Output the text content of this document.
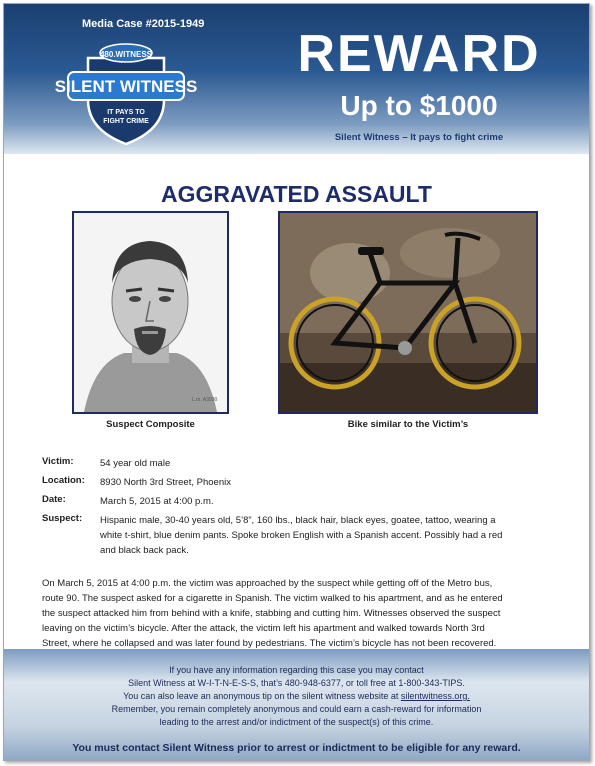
Media Case #2015-1949
480.WITNESS
SILENT WITNESS
IT PAYS TO
FIGHT CRIME
REWARD
Up to $1000
Silent Witness – It pays to fight crime
AGGRAVATED ASSAULT
L.m. A3930
Suspect Composite	Bike similar to the Victim’s
Victim:	54 year old male
Location: 8930 North 3rd Street, Phoenix
Date:	March 5, 2015 at 4:00 p.m.
Suspect: Hispanic male, 30-40 years old, 5’8”, 160 lbs., black hair, black eyes, goatee, tattoo, wearing a
white t-shirt, blue denim pants. Spoke broken English with a Spanish accent. Possibly had a red
and black back pack.
On March 5, 2015 at 4:00 p.m. the victim was approached by the suspect while getting off of the Metro bus,
route 90. The suspect asked for a cigarette in Spanish. The victim walked to his apartment, and as he entered
the suspect attacked him from behind with a knife, stabbing and cutting him. Witnesses observed the suspect
leaving on the victim’s bicycle. After the attack, the victim left his apartment and walked towards North 3rd
Street, where he collapsed and was later found by pedestrians. The victim’s bicycle has not been recovered.
If you have any information regarding this case you may contact
Silent Witness at W-I-T-N-E-S-S, that’s 480-948-6377, or toll free at 1-800-343-TIPS.
You can also leave an anonymous tip on the silent witness website at silentwitness.org.
Remember, you remain completely anonymous and could earn a cash-reward for information
leading to the arrest and/or indictment of the suspect(s) of this crime.
You must contact Silent Witness prior to arrest or indictment to be eligible for any reward.
